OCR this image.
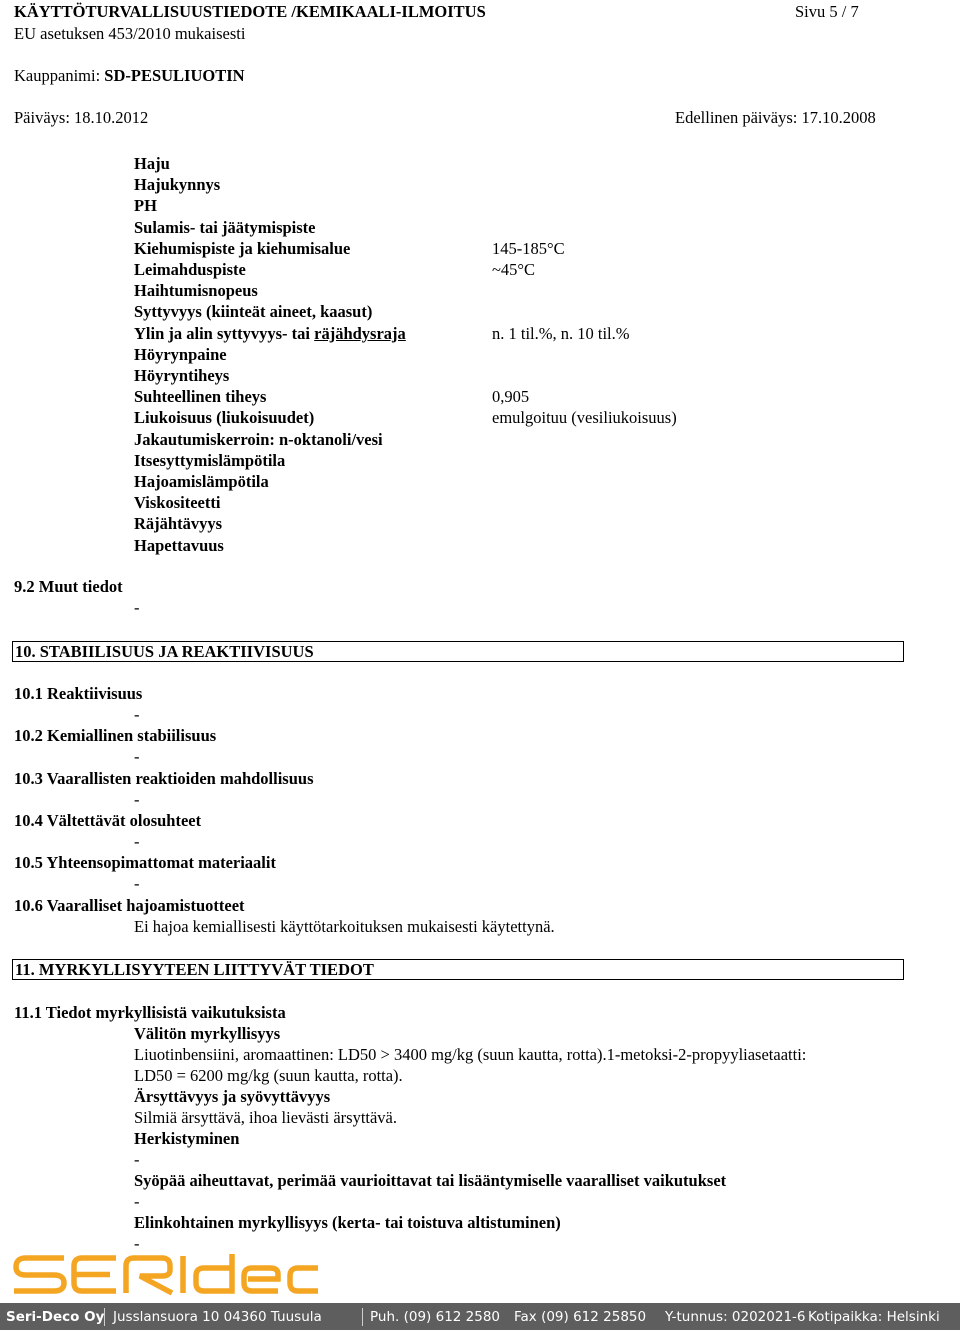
KÄYTTÖTURVALLISUUSTIEDOTE /KEMIKAALI-ILMOITUS	Sivu 5 / 7
EU asetuksen 453/2010 mukaisesti
Kauppanimi: SD-PESULIUOTIN
Päiväys: 18.10.2012	Edellinen päiväys: 17.10.2008
Haju
Hajukynnys
PH
Sulamis- tai jäätymispiste
Kiehumispiste ja kiehumisalue	145-185°C
Leimahduspiste	~45°C
Haihtumisnopeus
Syttyvyys (kiinteät aineet, kaasut)
Ylin ja alin syttyvyys- tai räjähdysraja	n. 1 til.%, n. 10 til.%
Höyrynpaine
Höyryntiheys
Suhteellinen tiheys	0,905
Liukoisuus (liukoisuudet)	emulgoituu (vesiliukoisuus)
Jakautumiskerroin: n-oktanoli/vesi
Itsesyttymislämpötila
Hajoamislämpötila
Viskositeetti
Räjähtävyys
Hapettavuus
9.2 Muut tiedot
-
10. STABIILISUUS JA REAKTIIVISUUS
10.1 Reaktiivisuus
-
10.2 Kemiallinen stabiilisuus
-
10.3 Vaarallisten reaktioiden mahdollisuus
-
10.4 Vältettävät olosuhteet
-
10.5 Yhteensopimattomat materiaalit
-
10.6 Vaaralliset hajoamistuotteet
Ei hajoa kemiallisesti käyttötarkoituksen mukaisesti käytettynä.
11. MYRKYLLISYYTEEN LIITTYVÄT TIEDOT
11.1 Tiedot myrkyllisistä vaikutuksista
Välitön myrkyllisyys
Liuotinbensiini, aromaattinen: LD50 > 3400 mg/kg (suun kautta, rotta).1-metoksi-2-propyyliasetaatti:
LD50 = 6200 mg/kg (suun kautta, rotta).
Ärsyttävyys ja syövyttävyys
Silmiä ärsyttävä, ihoa lievästi ärsyttävä.
Herkistyminen
-
Syöpää aiheuttavat, perimää vaurioittavat tai lisääntymiselle vaaralliset vaikutukset
-
Elinkohtainen myrkyllisyys (kerta- tai toistuva altistuminen)
-
Seri-Deco Oy Jusslansuora 10 04360 Tuusula	Puh. (09) 612 2580 Fax (09) 612 25850 Y-tunnus: 0202021-6 Kotipaikka: Helsinki
